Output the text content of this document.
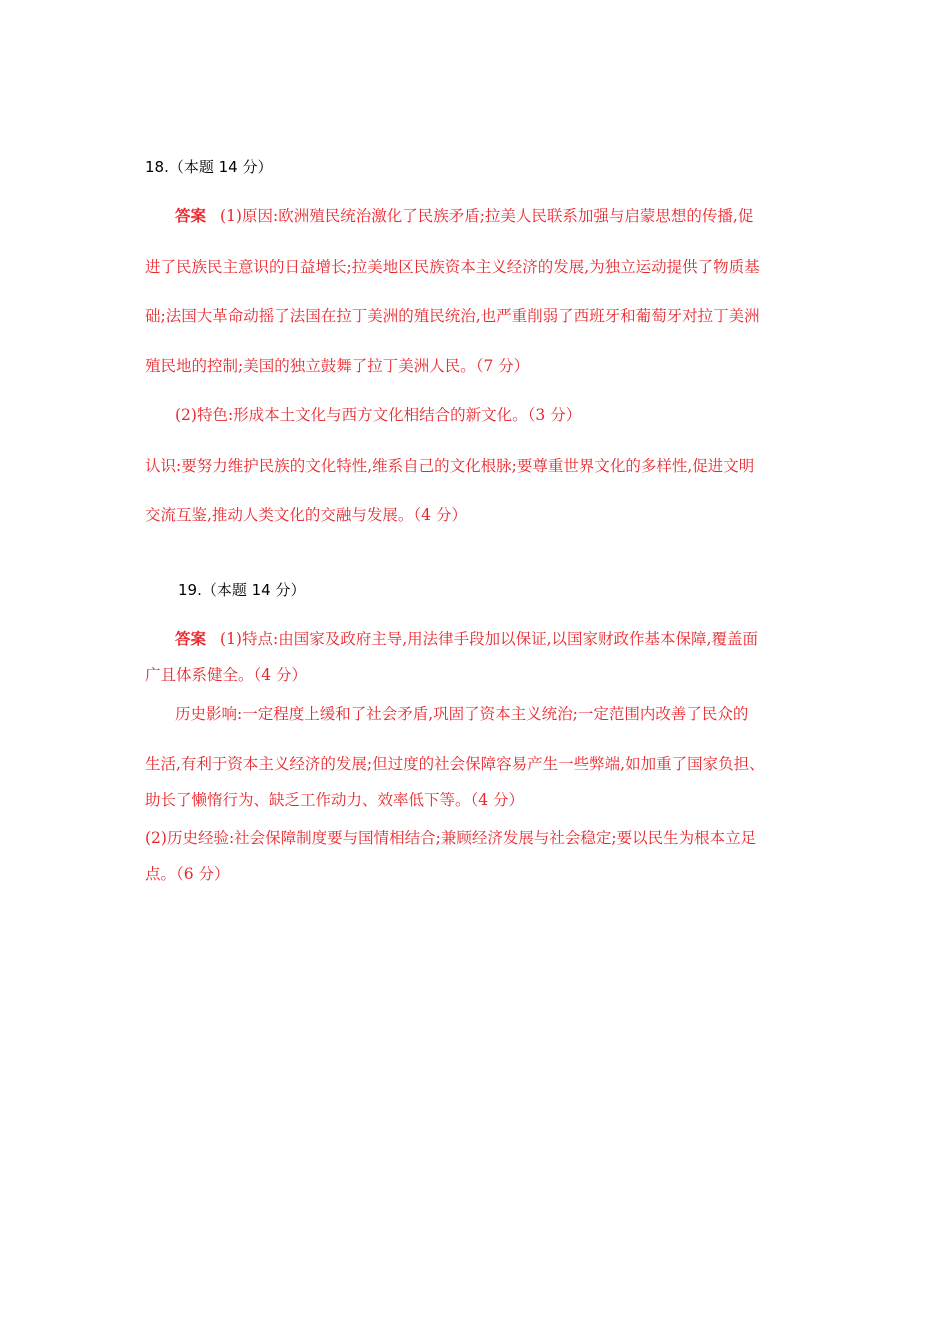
18.（本题 14 分）
答案 (1)原因:欧洲殖民统治激化了民族矛盾;拉美人民联系加强与启蒙思想的传播,促
进了民族民主意识的日益增长;拉美地区民族资本主义经济的发展,为独立运动提供了物质基
础;法国大革命动摇了法国在拉丁美洲的殖民统治,也严重削弱了西班牙和葡萄牙对拉丁美洲
殖民地的控制;美国的独立鼓舞了拉丁美洲人民。（7 分）
(2)特色:形成本土文化与西方文化相结合的新文化。（3 分）
认识:要努力维护民族的文化特性,维系自己的文化根脉;要尊重世界文化的多样性,促进文明
交流互鉴,推动人类文化的交融与发展。（4 分）
19.（本题 14 分）
答案 (1)特点:由国家及政府主导,用法律手段加以保证,以国家财政作基本保障,覆盖面
广且体系健全。（4 分）
历史影响:一定程度上缓和了社会矛盾,巩固了资本主义统治;一定范围内改善了民众的
生活,有利于资本主义经济的发展;但过度的社会保障容易产生一些弊端,如加重了国家负担、
助长了懒惰行为、缺乏工作动力、效率低下等。（4 分）
(2)历史经验:社会保障制度要与国情相结合;兼顾经济发展与社会稳定;要以民生为根本立足
点。（6 分）
